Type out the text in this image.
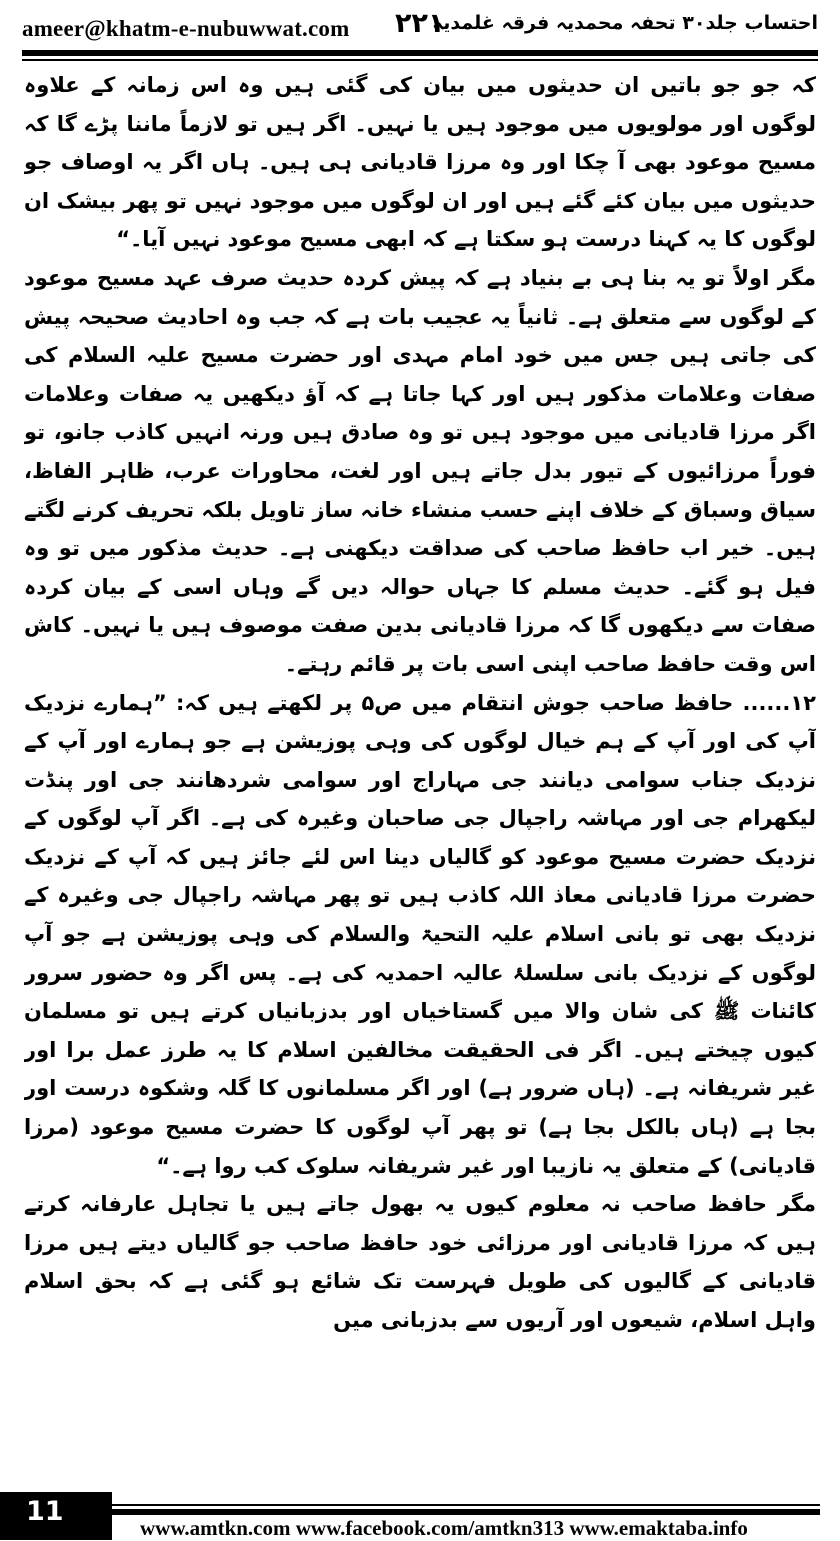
ameer@khatm-e-nubuwwat.com ۲۲۱
احتساب جلد۳۰ تحفہ محمدیہ فرقہ غلمدیہ

کہ جو جو باتیں ان حدیثوں میں بیان کی گئی ہیں وہ اس زمانہ کے علاوہ لوگوں اور مولویوں میں موجود ہیں یا نہیں۔ اگر ہیں تو لازماً ماننا پڑے گا کہ مسیح موعود بھی آ چکا اور وہ مرزا قادیانی ہی ہیں۔ ہاں اگر یہ اوصاف جو حدیثوں میں بیان کئے گئے ہیں اور ان لوگوں میں موجود نہیں تو پھر بیشک ان لوگوں کا یہ کہنا درست ہو سکتا ہے کہ ابھی مسیح موعود نہیں آیا۔“

مگر اولاً تو یہ بنا ہی بے بنیاد ہے کہ پیش کردہ حدیث صرف عہد مسیح موعود کے لوگوں سے متعلق ہے۔ ثانیاً یہ عجیب بات ہے کہ جب وہ احادیث صحیحہ پیش کی جاتی ہیں جس میں خود امام مہدی اور حضرت مسیح علیہ السلام کی صفات وعلامات مذکور ہیں اور کہا جاتا ہے کہ آؤ دیکھیں یہ صفات وعلامات اگر مرزا قادیانی میں موجود ہیں تو وہ صادق ہیں ورنہ انہیں کاذب جانو، تو فوراً مرزائیوں کے تیور بدل جاتے ہیں اور لغت، محاورات عرب، ظاہر الفاظ، سیاق وسباق کے خلاف اپنے حسب منشاء خانہ ساز تاویل بلکہ تحریف کرنے لگتے ہیں۔ خیر اب حافظ صاحب کی صداقت دیکھنی ہے۔ حدیث مذکور میں تو وہ فیل ہو گئے۔ حدیث مسلم کا جہاں حوالہ دیں گے وہاں اسی کے بیان کردہ صفات سے دیکھوں گا کہ مرزا قادیانی بدین صفت موصوف ہیں یا نہیں۔ کاش اس وقت حافظ صاحب اپنی اسی بات پر قائم رہتے۔

۱۲...... حافظ صاحب جوش انتقام میں ص۵ پر لکھتے ہیں کہ: ”ہمارے نزدیک آپ کی اور آپ کے ہم خیال لوگوں کی وہی پوزیشن ہے جو ہمارے اور آپ کے نزدیک جناب سوامی دیانند جی مہاراج اور سوامی شردھانند جی اور پنڈت لیکھرام جی اور مہاشہ راجپال جی صاحبان وغیرہ کی ہے۔ اگر آپ لوگوں کے نزدیک حضرت مسیح موعود کو گالیاں دینا اس لئے جائز ہیں کہ آپ کے نزدیک حضرت مرزا قادیانی معاذ اللہ کاذب ہیں تو پھر مہاشہ راجپال جی وغیرہ کے نزدیک بھی تو بانی اسلام علیہ التحیۃ والسلام کی وہی پوزیشن ہے جو آپ لوگوں کے نزدیک بانی سلسلۂ عالیہ احمدیہ کی ہے۔ پس اگر وہ حضور سرور کائنات ﷺ کی شان والا میں گستاخیاں اور بدزبانیاں کرتے ہیں تو مسلمان کیوں چیختے ہیں۔ اگر فی الحقیقت مخالفین اسلام کا یہ طرز عمل برا اور غیر شریفانہ ہے۔ (ہاں ضرور ہے) اور اگر مسلمانوں کا گلہ وشکوہ درست اور بجا ہے (ہاں بالکل بجا ہے) تو پھر آپ لوگوں کا حضرت مسیح موعود (مرزا قادیانی) کے متعلق یہ نازیبا اور غیر شریفانہ سلوک کب روا ہے۔“

مگر حافظ صاحب نہ معلوم کیوں یہ بھول جاتے ہیں یا تجاہل عارفانہ کرتے ہیں کہ مرزا قادیانی اور مرزائی خود حافظ صاحب جو گالیاں دیتے ہیں مرزا قادیانی کے گالیوں کی طویل فہرست تک شائع ہو گئی ہے کہ بحق اسلام واہل اسلام، شیعوں اور آریوں سے بدزبانی میں

11
www.amtkn.com www.facebook.com/amtkn313 www.emaktaba.info
